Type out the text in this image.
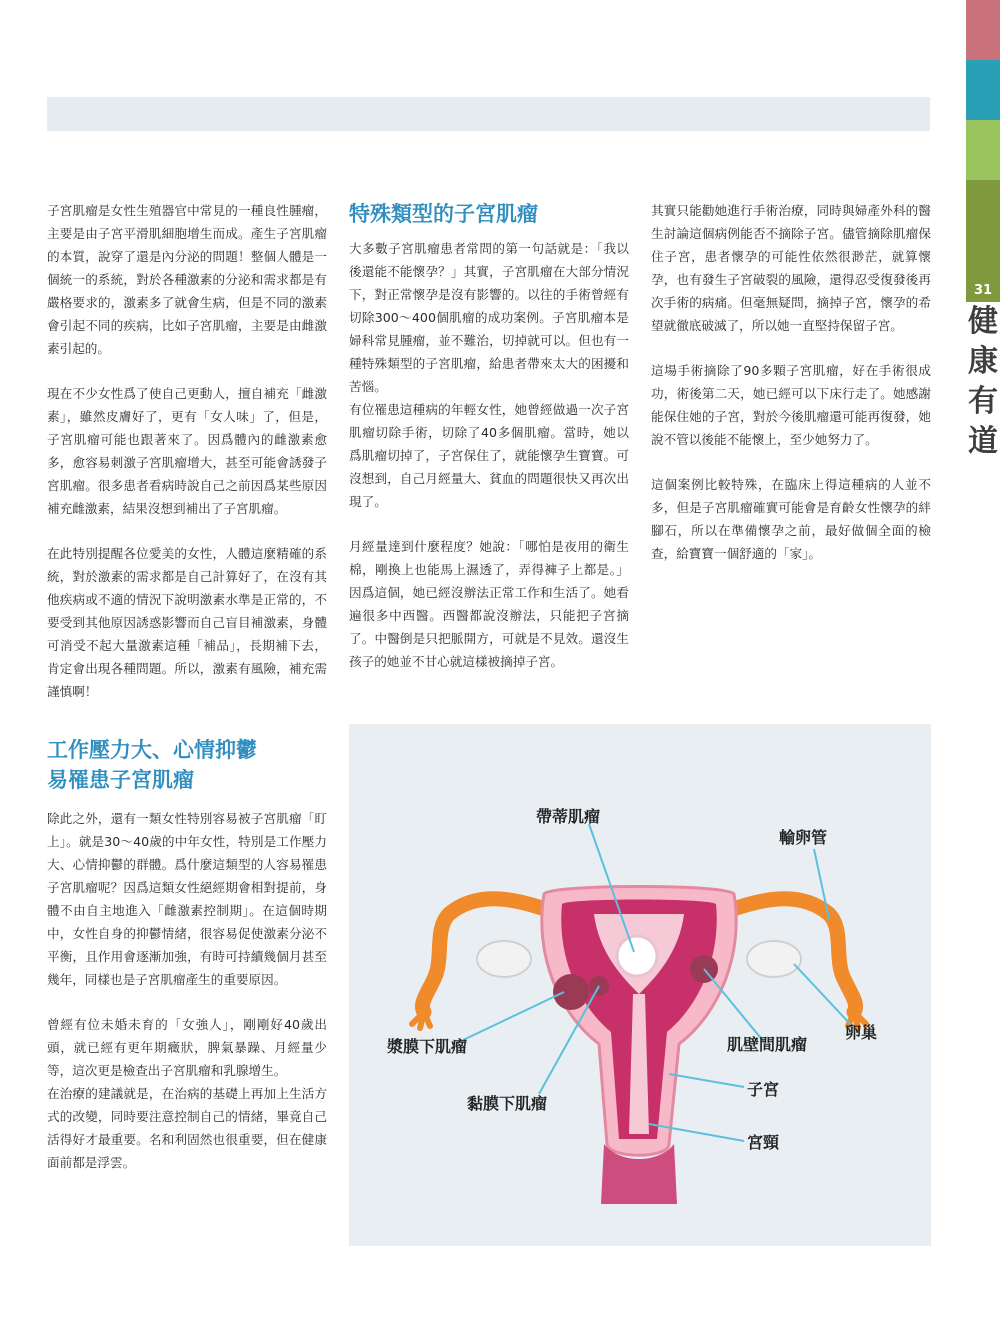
31
健康有道

子宮肌瘤是女性生殖器官中常見的一種良性腫瘤，主要是由子宮平滑肌細胞增生而成。產生子宮肌瘤的本質，說穿了還是內分泌的問題！整個人體是一個統一的系統，對於各種激素的分泌和需求都是有嚴格要求的，激素多了就會生病，但是不同的激素會引起不同的疾病，比如子宮肌瘤，主要是由雌激素引起的。

現在不少女性爲了使自己更動人，擅自補充「雌激素」，雖然皮膚好了，更有「女人味」了，但是，子宮肌瘤可能也跟著來了。因爲體內的雌激素愈多，愈容易刺激子宮肌瘤增大，甚至可能會誘發子宮肌瘤。很多患者看病時說自己之前因爲某些原因補充雌激素，結果沒想到補出了子宮肌瘤。

在此特別提醒各位愛美的女性，人體這麼精確的系統，對於激素的需求都是自己計算好了，在沒有其他疾病或不適的情況下說明激素水準是正常的，不要受到其他原因誘惑影響而自己盲目補激素，身體可消受不起大量激素這種「補品」，長期補下去，肯定會出現各種問題。所以，激素有風險，補充需謹慎啊！

工作壓力大、心情抑鬱
易罹患子宮肌瘤

除此之外，還有一類女性特別容易被子宮肌瘤「盯上」。就是30～40歲的中年女性，特別是工作壓力大、心情抑鬱的群體。爲什麼這類型的人容易罹患子宮肌瘤呢？因爲這類女性絕經期會相對提前，身體不由自主地進入「雌激素控制期」。在這個時期中，女性自身的抑鬱情緒，很容易促使激素分泌不平衡，且作用會逐漸加強，有時可持續幾個月甚至幾年，同樣也是子宮肌瘤產生的重要原因。

曾經有位未婚未育的「女強人」，剛剛好40歲出頭，就已經有更年期癥狀，脾氣暴躁、月經量少等，這次更是檢查出子宮肌瘤和乳腺增生。

在治療的建議就是，在治病的基礎上再加上生活方式的改變，同時要注意控制自己的情緒，畢竟自己活得好才最重要。名和利固然也很重要，但在健康面前都是浮雲。

特殊類型的子宮肌瘤

大多數子宮肌瘤患者常問的第一句話就是：「我以後還能不能懷孕？」其實，子宮肌瘤在大部分情況下，對正常懷孕是沒有影響的。以往的手術曾經有切除300～400個肌瘤的成功案例。子宮肌瘤本是婦科常見腫瘤，並不難治，切掉就可以。但也有一種特殊類型的子宮肌瘤，給患者帶來太大的困擾和苦惱。

有位罹患這種病的年輕女性，她曾經做過一次子宮肌瘤切除手術，切除了40多個肌瘤。當時，她以爲肌瘤切掉了，子宮保住了，就能懷孕生寶寶。可沒想到，自己月經量大、貧血的問題很快又再次出現了。

月經量達到什麼程度？她說：「哪怕是夜用的衛生棉，剛換上也能馬上濕透了，弄得褲子上都是。」因爲這個，她已經沒辦法正常工作和生活了。她看遍很多中西醫。西醫都說沒辦法，只能把子宮摘了。中醫倒是只把脈開方，可就是不見效。還沒生孩子的她並不甘心就這樣被摘掉子宮。

其實只能勸她進行手術治療，同時與婦產外科的醫生討論這個病例能否不摘除子宮。儘管摘除肌瘤保住子宮，患者懷孕的可能性依然很渺茫，就算懷孕，也有發生子宮破裂的風險，還得忍受復發後再次手術的病痛。但毫無疑問，摘掉子宮，懷孕的希望就徹底破滅了，所以她一直堅持保留子宮。

這場手術摘除了90多顆子宮肌瘤，好在手術很成功，術後第二天，她已經可以下床行走了。她感謝能保住她的子宮，對於今後肌瘤還可能再復發，她說不管以後能不能懷上，至少她努力了。

這個案例比較特殊，在臨床上得這種病的人並不多，但是子宮肌瘤確實可能會是育齡女性懷孕的絆腳石，所以在準備懷孕之前，最好做個全面的檢查，給寶寶一個舒適的「家」。

帶蒂肌瘤
輸卵管
漿膜下肌瘤	肌壁間肌瘤
卵巢
黏膜下肌瘤
子宮
宮頸
